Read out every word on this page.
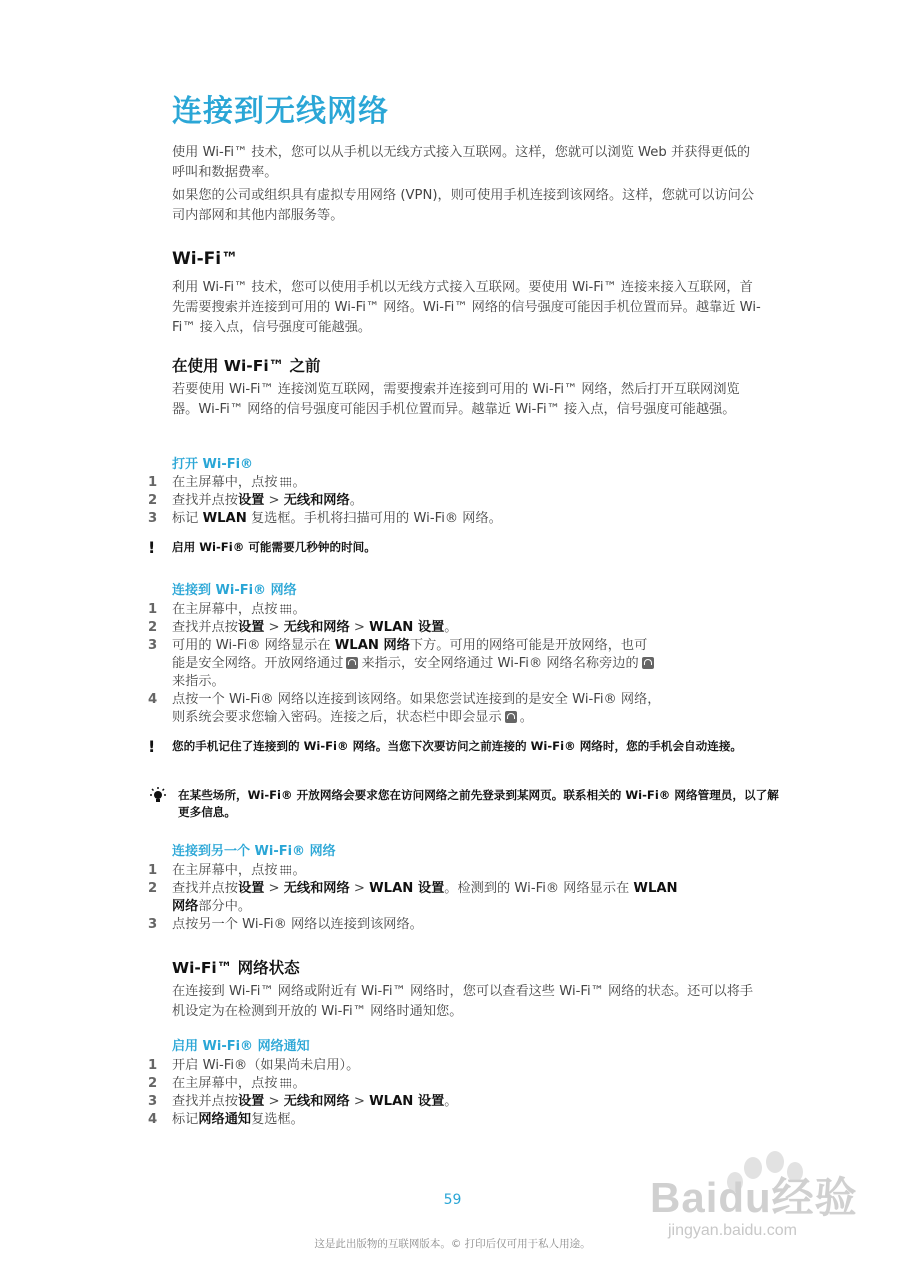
连接到无线网络
使用 Wi-Fi™ 技术，您可以从手机以无线方式接入互联网。这样，您就可以浏览 Web 并获得更低的呼叫和数据费率。
如果您的公司或组织具有虚拟专用网络 (VPN)，则可使用手机连接到该网络。这样，您就可以访问公司内部网和其他内部服务等。
Wi-Fi™
利用 Wi-Fi™ 技术，您可以使用手机以无线方式接入互联网。要使用 Wi-Fi™ 连接来接入互联网，首先需要搜索并连接到可用的 Wi-Fi™ 网络。Wi-Fi™ 网络的信号强度可能因手机位置而异。越靠近 Wi-Fi™ 接入点，信号强度可能越强。
在使用 Wi-Fi™ 之前
若要使用 Wi-Fi™ 连接浏览互联网，需要搜索并连接到可用的 Wi-Fi™ 网络，然后打开互联网浏览器。Wi-Fi™ 网络的信号强度可能因手机位置而异。越靠近 Wi-Fi™ 接入点，信号强度可能越强。
打开 Wi-Fi®
1 在主屏幕中，点按 。
2 查找并点按设置 > 无线和网络。
3 标记 WLAN 复选框。手机将扫描可用的 Wi-Fi® 网络。
! 启用 Wi-Fi® 可能需要几秒钟的时间。
连接到 Wi-Fi® 网络
1 在主屏幕中，点按 。
2 查找并点按设置 > 无线和网络 > WLAN 设置。
3 可用的 Wi-Fi® 网络显示在 WLAN 网络下方。可用的网络可能是开放网络，也可
能是安全网络。开放网络通过 来指示，安全网络通过 Wi-Fi® 网络名称旁边的
来指示。
4 点按一个 Wi-Fi® 网络以连接到该网络。如果您尝试连接到的是安全 Wi-Fi® 网络，
则系统会要求您输入密码。连接之后，状态栏中即会显示 。
! 您的手机记住了连接到的 Wi-Fi® 网络。当您下次要访问之前连接的 Wi-Fi® 网络时，您的手机会自动连接。
在某些场所，Wi-Fi® 开放网络会要求您在访问网络之前先登录到某网页。联系相关的 Wi-Fi® 网络管理员，以了解更多信息。
连接到另一个 Wi-Fi® 网络
1 在主屏幕中，点按 。
2 查找并点按设置 > 无线和网络 > WLAN 设置。检测到的 Wi-Fi® 网络显示在 WLAN
网络部分中。
3 点按另一个 Wi-Fi® 网络以连接到该网络。
Wi-Fi™ 网络状态
在连接到 Wi-Fi™ 网络或附近有 Wi-Fi™ 网络时，您可以查看这些 Wi-Fi™ 网络的状态。还可以将手机设定为在检测到开放的 Wi-Fi™ 网络时通知您。
启用 Wi-Fi® 网络通知
1 开启 Wi-Fi®（如果尚未启用）。
2 在主屏幕中，点按 。
3 查找并点按设置 > 无线和网络 > WLAN 设置。
4 标记网络通知复选框。
Baidu经验
jingyan.baidu.com
59
这是此出版物的互联网版本。© 打印后仅可用于私人用途。
